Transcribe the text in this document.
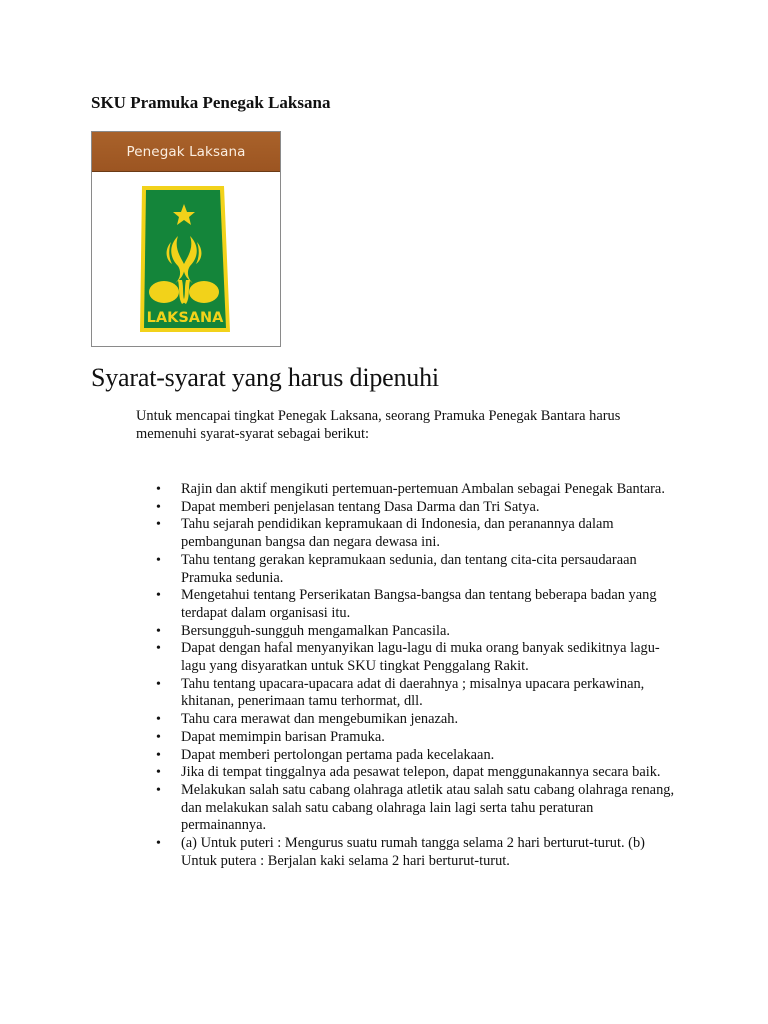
SKU Pramuka Penegak Laksana
Penegak Laksana
LAKSANA
Syarat-syarat yang harus dipenuhi

Untuk mencapai tingkat Penegak Laksana, seorang Pramuka Penegak Bantara harus memenuhi syarat-syarat sebagai berikut:

• Rajin dan aktif mengikuti pertemuan-pertemuan Ambalan sebagai Penegak Bantara.
• Dapat memberi penjelasan tentang Dasa Darma dan Tri Satya.
• Tahu sejarah pendidikan kepramukaan di Indonesia, dan peranannya dalam pembangunan bangsa dan negara dewasa ini.
• Tahu tentang gerakan kepramukaan sedunia, dan tentang cita-cita persaudaraan Pramuka sedunia.
• Mengetahui tentang Perserikatan Bangsa-bangsa dan tentang beberapa badan yang terdapat dalam organisasi itu.
• Bersungguh-sungguh mengamalkan Pancasila.
• Dapat dengan hafal menyanyikan lagu-lagu di muka orang banyak sedikitnya lagu-lagu yang disyaratkan untuk SKU tingkat Penggalang Rakit.
• Tahu tentang upacara-upacara adat di daerahnya ; misalnya upacara perkawinan, khitanan, penerimaan tamu terhormat, dll.
• Tahu cara merawat dan mengebumikan jenazah.
• Dapat memimpin barisan Pramuka.
• Dapat memberi pertolongan pertama pada kecelakaan.
• Jika di tempat tinggalnya ada pesawat telepon, dapat menggunakannya secara baik.
• Melakukan salah satu cabang olahraga atletik atau salah satu cabang olahraga renang, dan melakukan salah satu cabang olahraga lain lagi serta tahu peraturan permainannya.
• (a) Untuk puteri : Mengurus suatu rumah tangga selama 2 hari berturut-turut. (b) Untuk putera : Berjalan kaki selama 2 hari berturut-turut.
